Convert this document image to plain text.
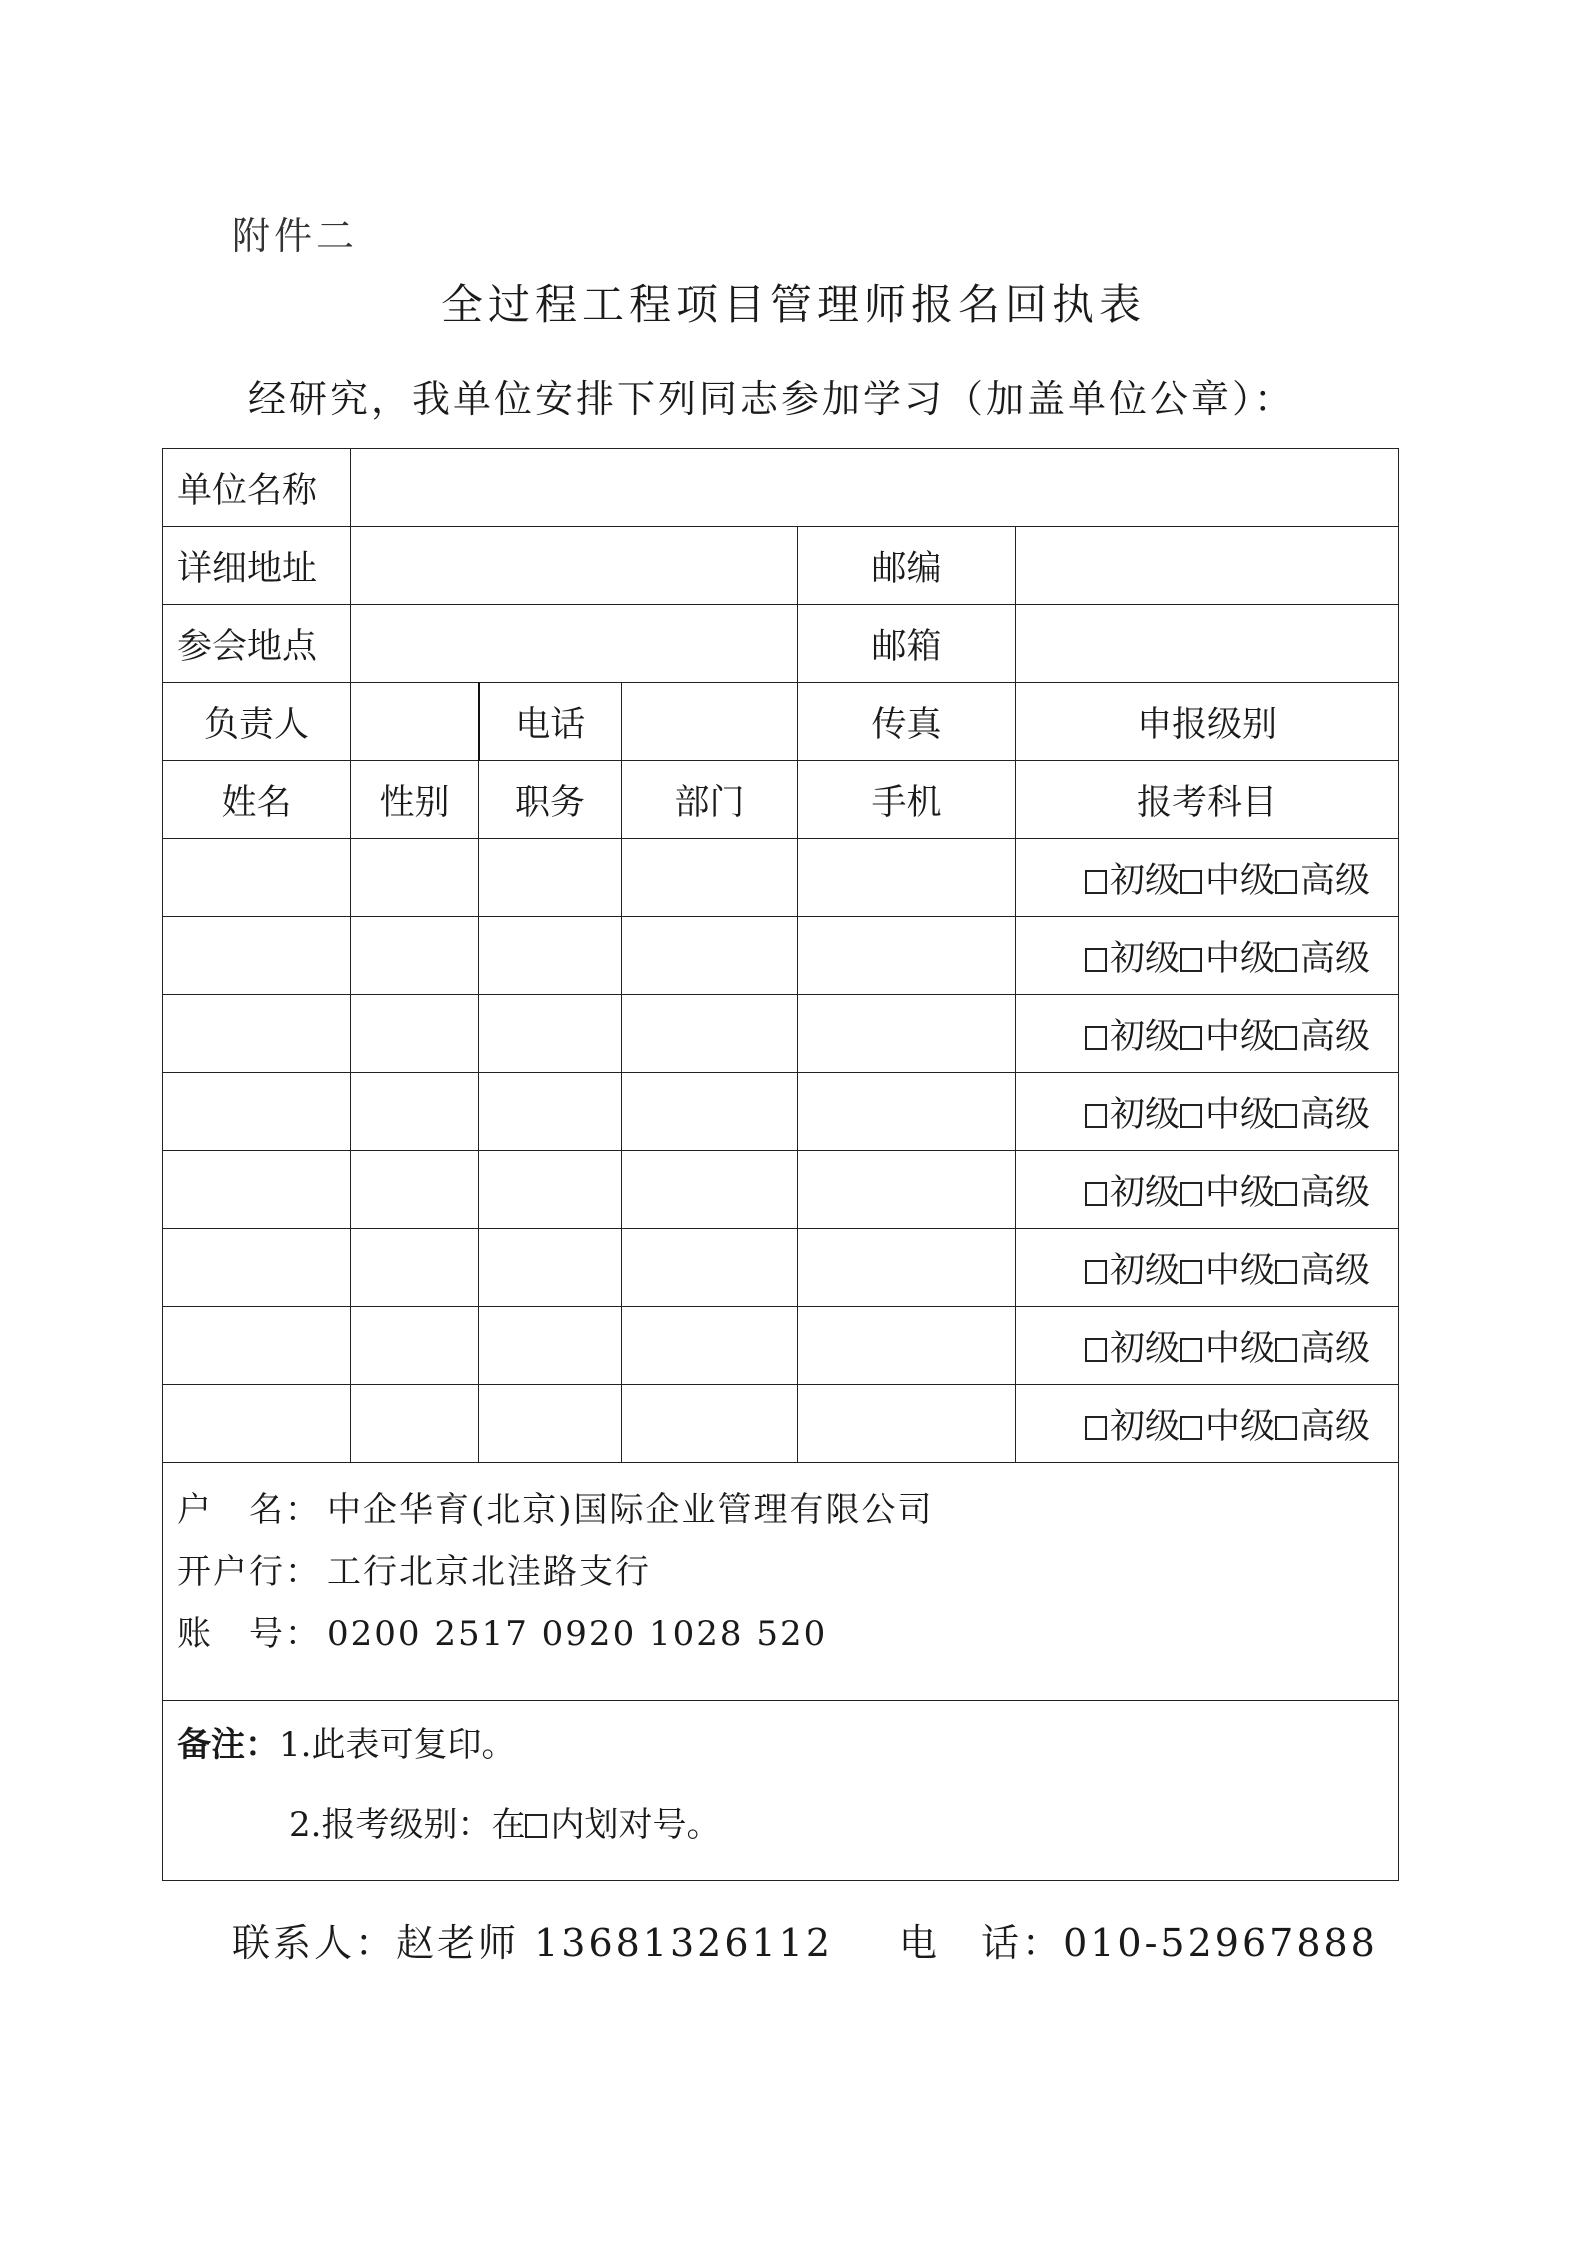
附件二
全过程工程项目管理师报名回执表
经研究，我单位安排下列同志参加学习（加盖单位公章）：
单位名称					
详细地址				邮编	
参会地点				邮箱	
负责人		电话		传真	申报级别
姓名	性别	职务	部门	手机	报考科目
					初级 中级 高级
					初级 中级 高级
					初级 中级 高级
					初级 中级 高级
					初级 中级 高级
					初级 中级 高级
					初级 中级 高级
					初级 中级 高级

户　名： 中企华育(北京)国际企业管理有限公司
开户行： 工行北京北洼路支行
账　号： 0200 2517 0920 1028 520					

备注：1.此表可复印。
2.报考级别：在 内划对号。					
联系人：赵老师 13681326112 电　话：010-52967888
